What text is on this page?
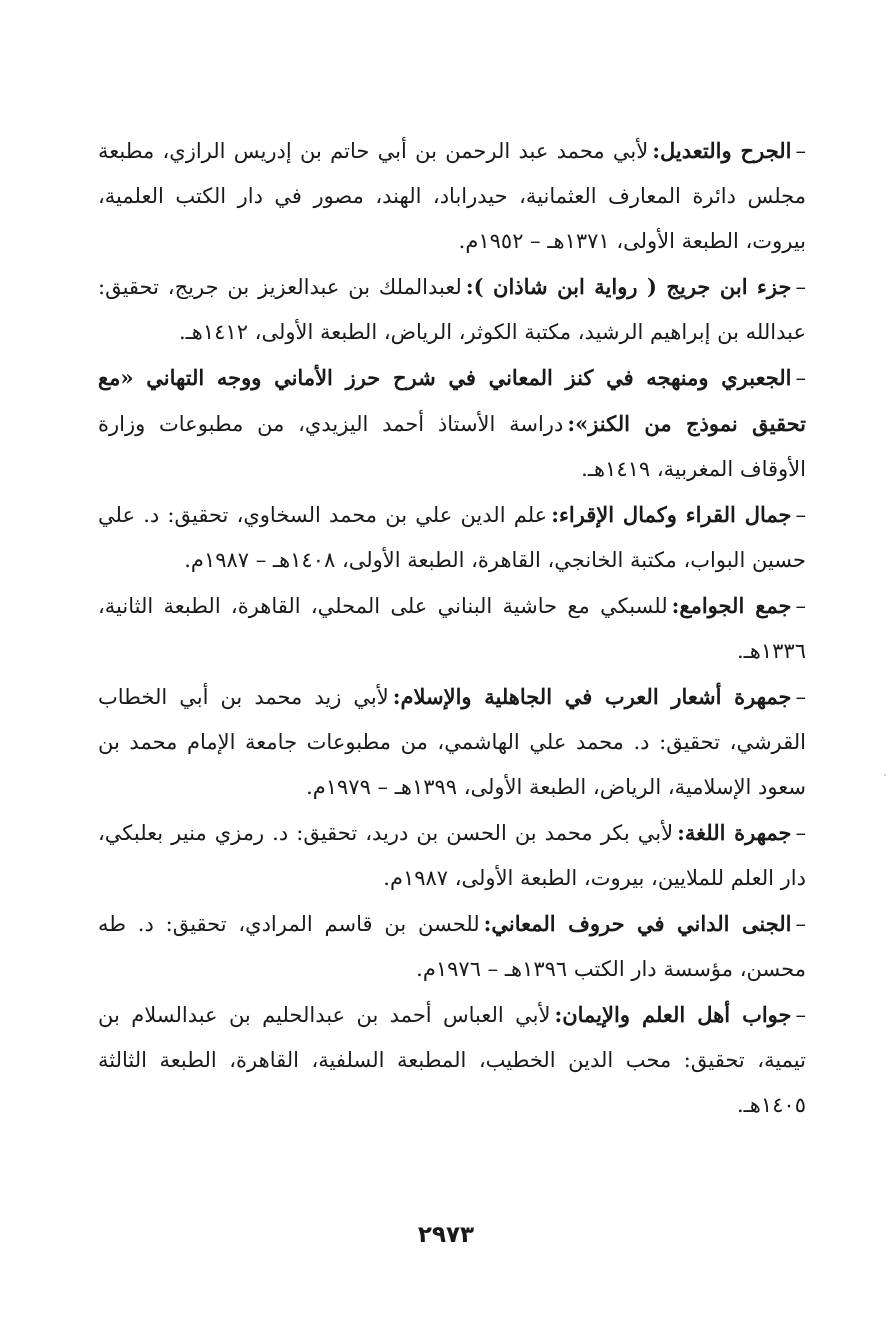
–الجرح والتعديل:لأبي محمد عبد الرحمن بن أبي حاتم بن إدريس الرازي، مطبعة مجلس دائرة المعارف العثمانية، حيدراباد، الهند، مصور في دار الكتب العلمية، بيروت، الطبعة الأولى، ١٣٧١هـ – ١٩٥٢م.

–جزء ابن جريج ( رواية ابن شاذان ):لعبدالملك بن عبدالعزيز بن جريج، تحقيق: عبدالله بن إبراهيم الرشيد، مكتبة الكوثر، الرياض، الطبعة الأولى، ١٤١٢هـ.

–الجعبري ومنهجه في كنز المعاني في شرح حرز الأماني ووجه التهاني «مع تحقيق نموذج من الكنز»:دراسة الأستاذ أحمد اليزيدي، من مطبوعات وزارة الأوقاف المغربية، ١٤١٩هـ.

–جمال القراء وكمال الإقراء:علم الدين علي بن محمد السخاوي، تحقيق: د. علي حسين البواب، مكتبة الخانجي، القاهرة، الطبعة الأولى، ١٤٠٨هـ – ١٩٨٧م.

–جمع الجوامع:للسبكي مع حاشية البناني على المحلي، القاهرة، الطبعة الثانية، ١٣٣٦هـ.

–جمهرة أشعار العرب في الجاهلية والإسلام:لأبي زيد محمد بن أبي الخطاب القرشي، تحقيق: د. محمد علي الهاشمي، من مطبوعات جامعة الإمام محمد بن سعود الإسلامية، الرياض، الطبعة الأولى، ١٣٩٩هـ – ١٩٧٩م.

–جمهرة اللغة:لأبي بكر محمد بن الحسن بن دريد، تحقيق: د. رمزي منير بعلبكي، دار العلم للملايين، بيروت، الطبعة الأولى، ١٩٨٧م.

–الجنى الداني في حروف المعاني:للحسن بن قاسم المرادي، تحقيق: د. طه محسن، مؤسسة دار الكتب ١٣٩٦هـ – ١٩٧٦م.

–جواب أهل العلم والإيمان:لأبي العباس أحمد بن عبدالحليم بن عبدالسلام بن تيمية، تحقيق: محب الدين الخطيب، المطبعة السلفية، القاهرة، الطبعة الثالثة ١٤٠٥هـ.

٢٩٧٣
